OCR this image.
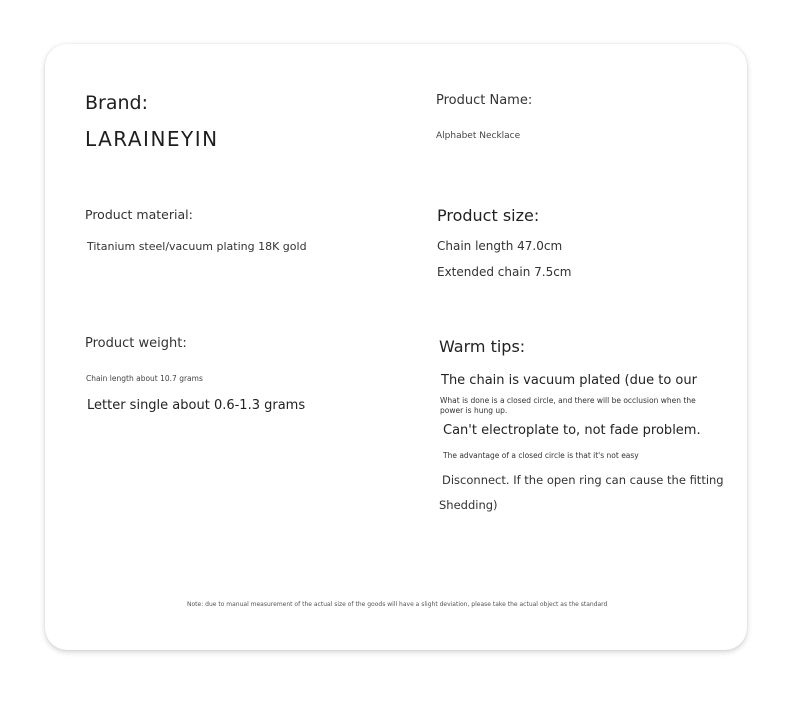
Brand:
LARAINEYIN
Product Name:
Alphabet Necklace
Product material:
Titanium steel/vacuum plating 18K gold
Product size:
Chain length 47.0cm
Extended chain 7.5cm
Product weight:
Chain length about 10.7 grams
Letter single about 0.6-1.3 grams
Warm tips:
The chain is vacuum plated (due to our
What is done is a closed circle, and there will be occlusion when the power is hung up.
Can't electroplate to, not fade problem.
The advantage of a closed circle is that it's not easy
Disconnect. If the open ring can cause the fitting
Shedding)
Note: due to manual measurement of the actual size of the goods will have a slight deviation, please take the actual object as the standard
